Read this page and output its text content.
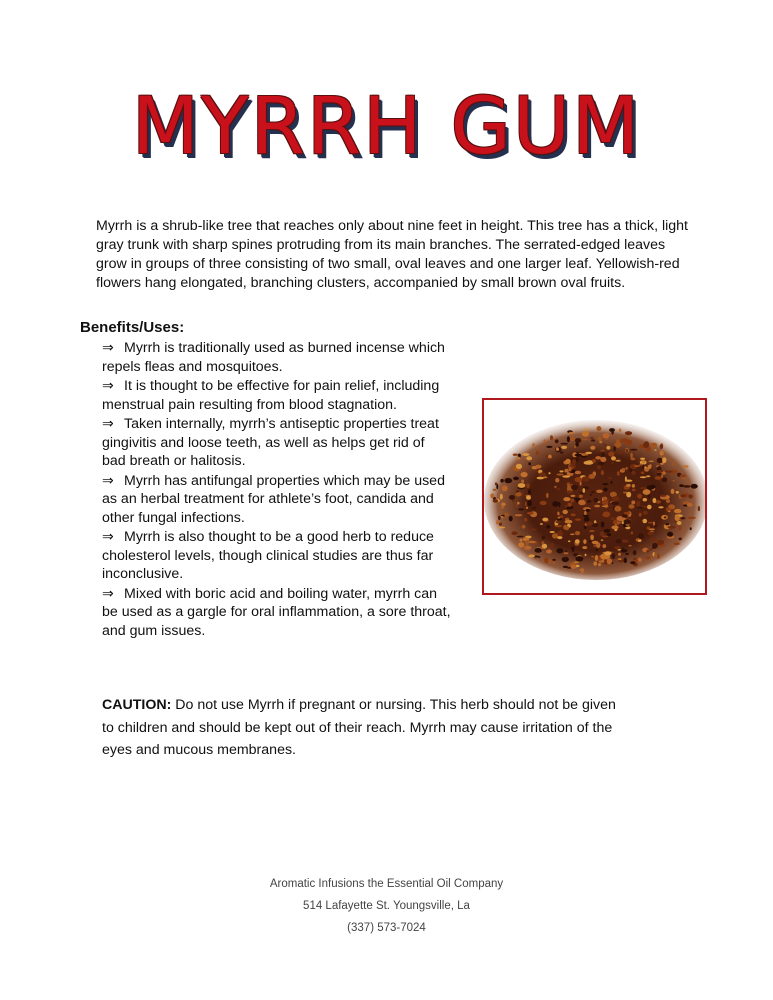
MYRRH GUM
Myrrh is a shrub-like tree that reaches only about nine feet in height. This tree has a thick, light gray trunk with sharp spines protruding from its main branches. The serrated-edged leaves grow in groups of three consisting of two small, oval leaves and one larger leaf. Yellowish-red flowers hang elongated, branching clusters, accompanied by small brown oval fruits.
Benefits/Uses:
⇒ Myrrh is traditionally used as burned incense which repels fleas and mosquitoes.
⇒ It is thought to be effective for pain relief, including menstrual pain resulting from blood stagnation.
⇒ Taken internally, myrrh’s antiseptic properties treat gingivitis and loose teeth, as well as helps get rid of bad breath or halitosis.
⇒ Myrrh has antifungal properties which may be used as an herbal treatment for athlete’s foot, candida and other fungal infections.
⇒ Myrrh is also thought to be a good herb to reduce cholesterol levels, though clinical studies are thus far inconclusive.
⇒ Mixed with boric acid and boiling water, myrrh can be used as a gargle for oral inflammation, a sore throat, and gum issues.
CAUTION: Do not use Myrrh if pregnant or nursing. This herb should not be given to children and should be kept out of their reach. Myrrh may cause irritation of the eyes and mucous membranes.
Aromatic Infusions the Essential Oil Company
514 Lafayette St. Youngsville, La
(337) 573-7024
